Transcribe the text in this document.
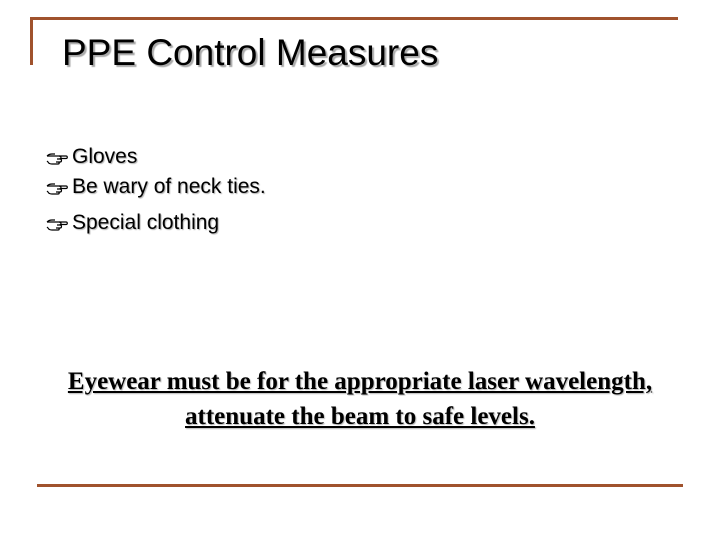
PPE Control Measures
Gloves
Be wary of neck ties.
Special clothing

Eyewear must be for the appropriate laser wavelength, attenuate the beam to safe levels.
